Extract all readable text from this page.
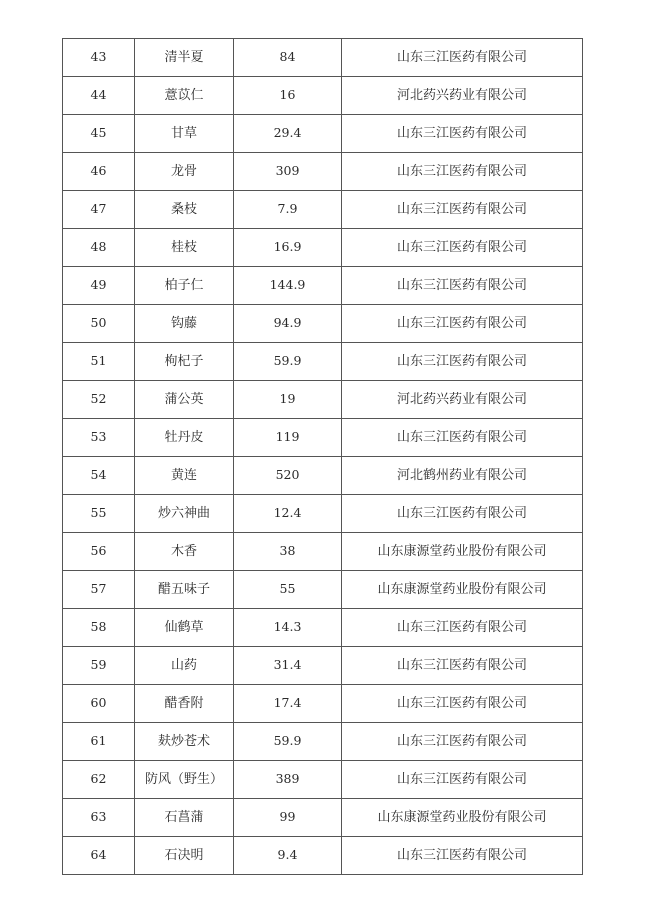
43	清半夏	84	山东三江医药有限公司
44	薏苡仁	16	河北药兴药业有限公司
45	甘草	29.4	山东三江医药有限公司
46	龙骨	309	山东三江医药有限公司
47	桑枝	7.9	山东三江医药有限公司
48	桂枝	16.9	山东三江医药有限公司
49	柏子仁	144.9	山东三江医药有限公司
50	钩藤	94.9	山东三江医药有限公司
51	枸杞子	59.9	山东三江医药有限公司
52	蒲公英	19	河北药兴药业有限公司
53	牡丹皮	119	山东三江医药有限公司
54	黄连	520	河北鹤州药业有限公司
55	炒六神曲	12.4	山东三江医药有限公司
56	木香	38	山东康源堂药业股份有限公司
57	醋五味子	55	山东康源堂药业股份有限公司
58	仙鹤草	14.3	山东三江医药有限公司
59	山药	31.4	山东三江医药有限公司
60	醋香附	17.4	山东三江医药有限公司
61	麸炒苍术	59.9	山东三江医药有限公司
62	防风（野生）	389	山东三江医药有限公司
63	石菖蒲	99	山东康源堂药业股份有限公司
64	石决明	9.4	山东三江医药有限公司
